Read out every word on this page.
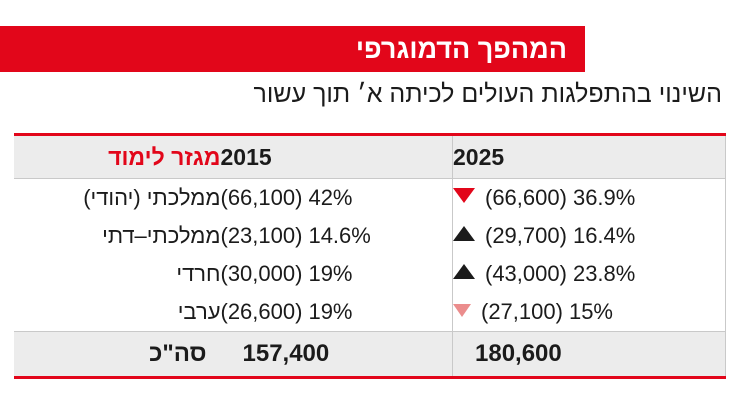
המהפך הדמוגרפי
השינוי בהתפלגות העולים לכיתה א׳ תוך עשור

2025	2015	מגזר לימוד

(66,600) 36.9%	(66,100) 42%	ממלכתי (יהודי)
(29,700) 16.4%	(23,100) 14.6%	ממלכתי–דתי
(43,000) 23.8%	(30,000) 19%	חרדי
(27,100) 15%	(26,600) 19%	ערבי

180,600	157,400	סה"כ
